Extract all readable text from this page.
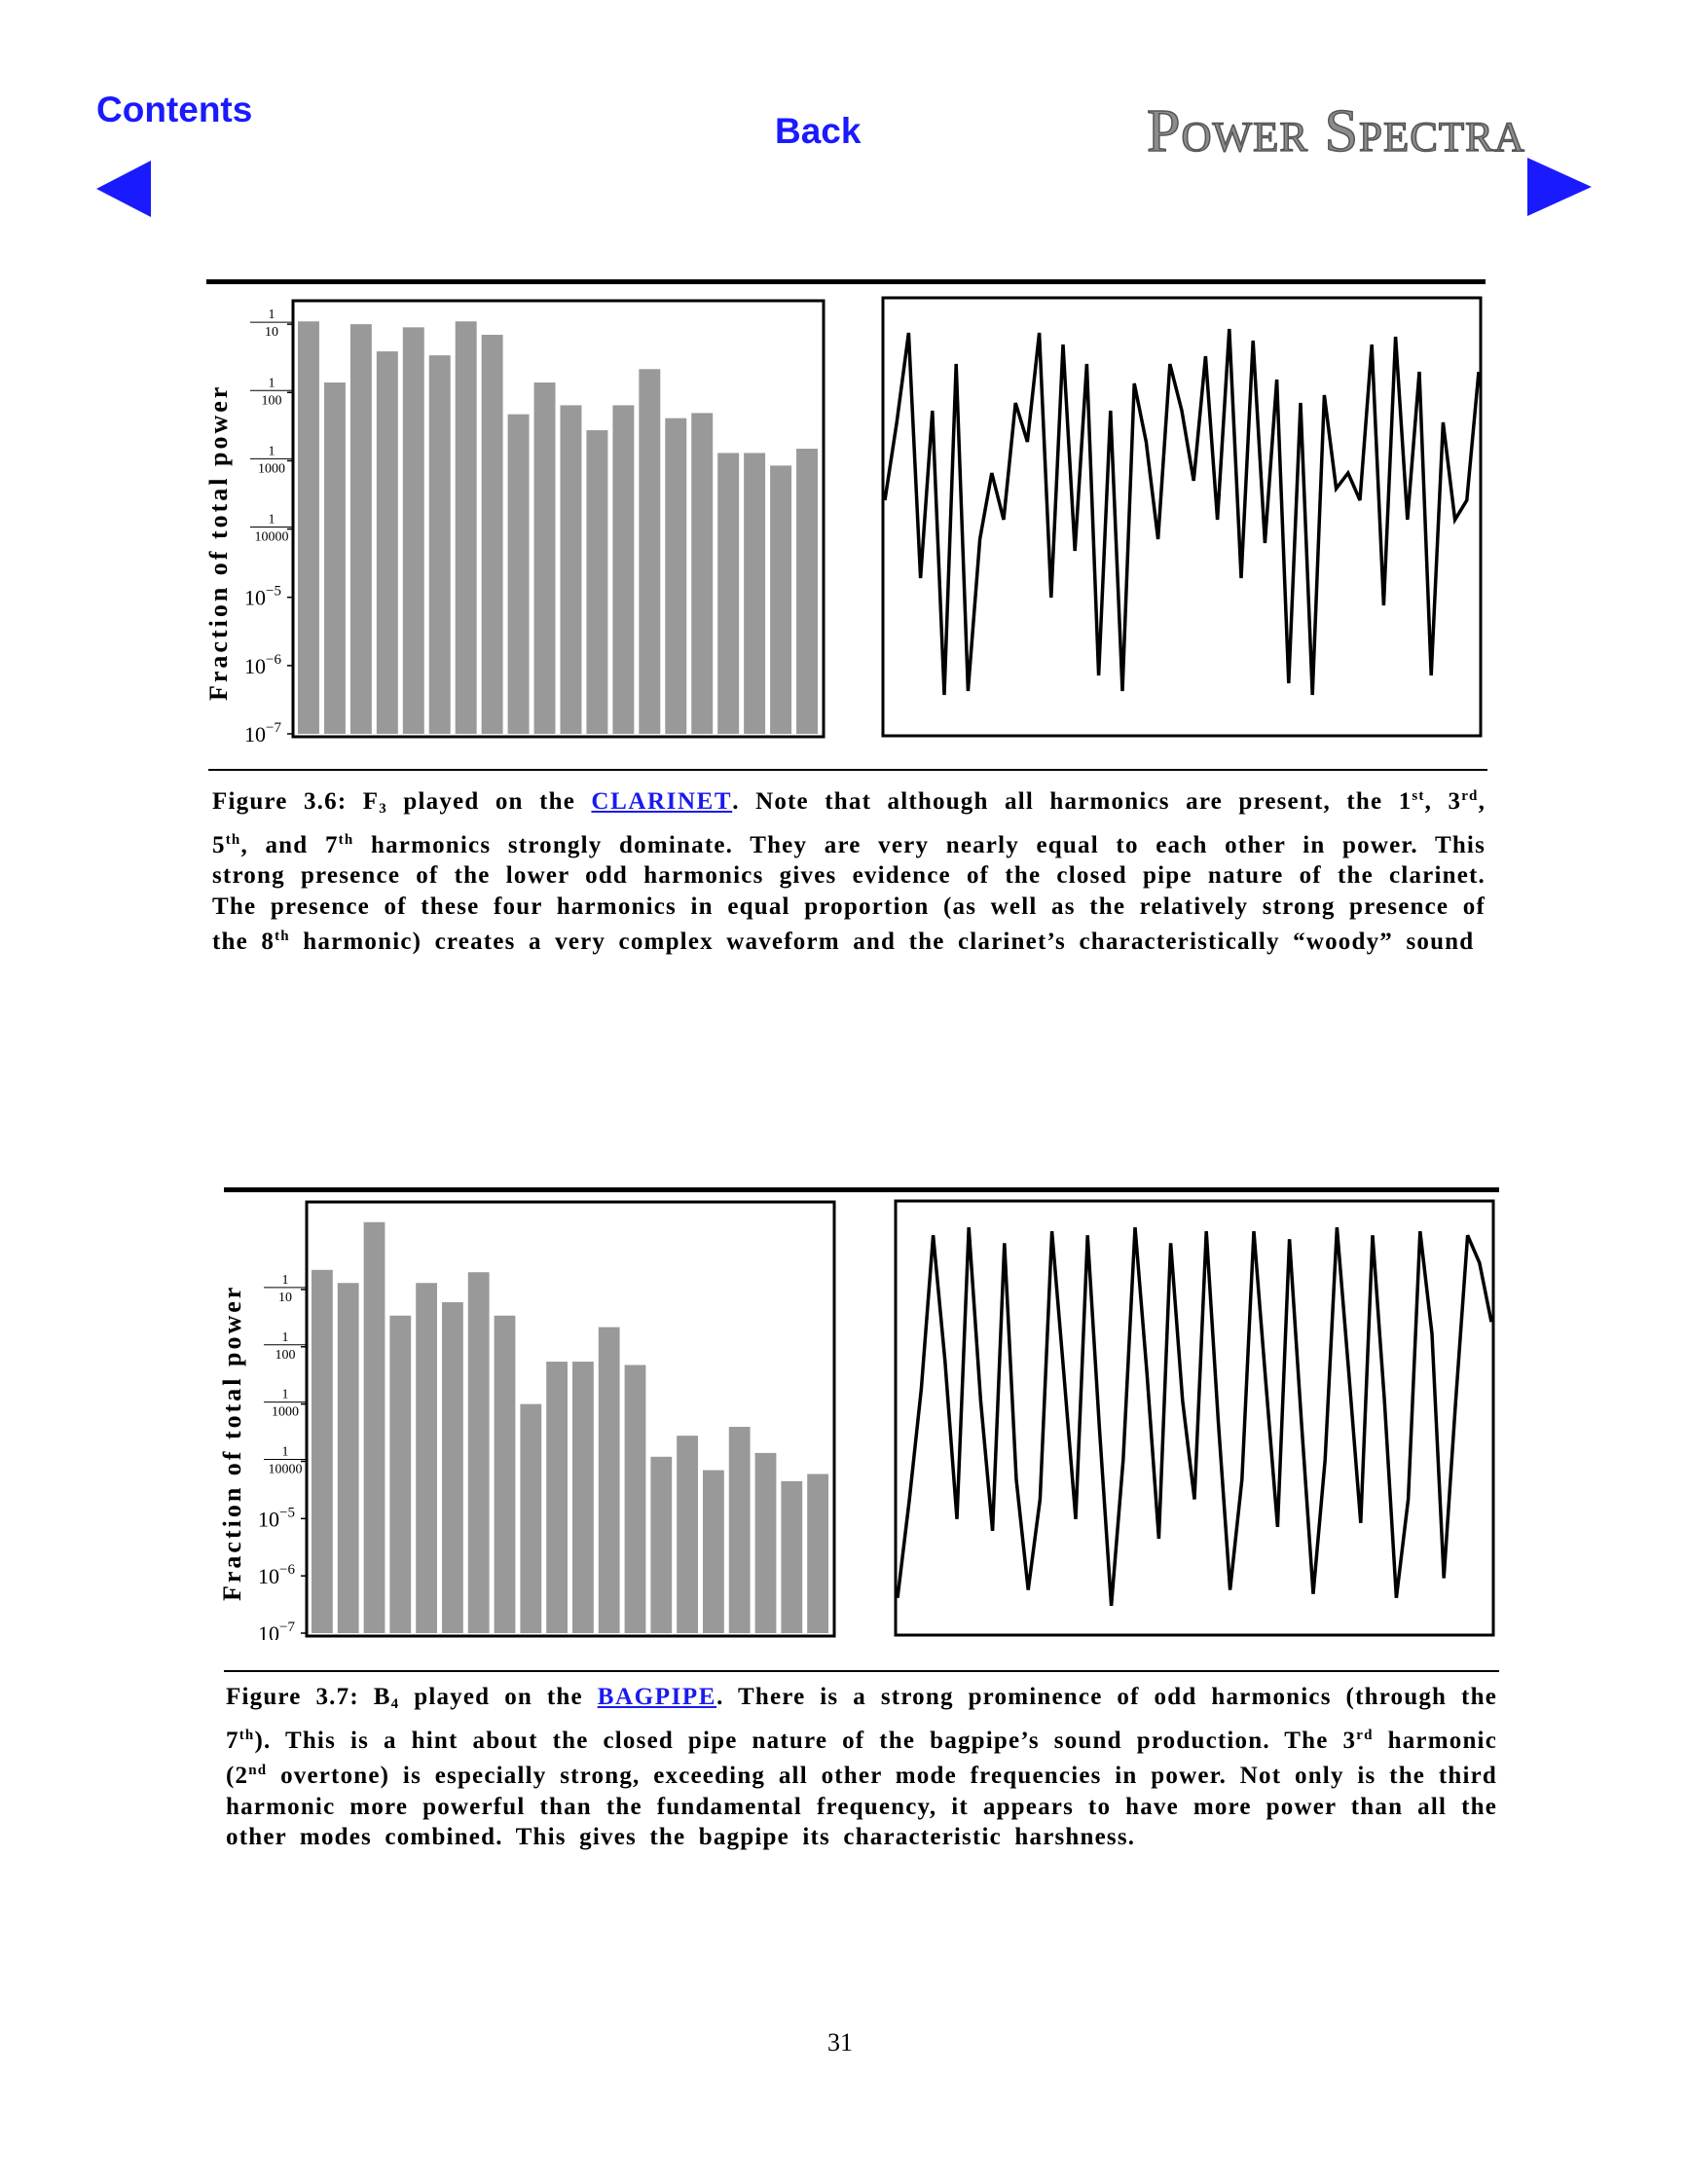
Contents
Back	Power Spectra
Fraction of total power
1
10
1
100
1
1000
1
10000
$10^{-5}$
$10^{-6}$
$10^{-7}$
Figure 3.6: $F_3$ played on the CLARINET. Note that although all harmonics are present, the 1st, 3rd, 5th, and 7th harmonics strongly dominate. They are very nearly equal to each other in power. This strong presence of the lower odd harmonics gives evidence of the closed pipe nature of the clarinet. The presence of these four harmonics in equal proportion (as well as the relatively strong presence of the 8th harmonic) creates a very complex waveform and the clarinet’s characteristically “woody” sound
Fraction of total power
1
10
1
100
1
1000
1
10000
$10^{-5}$
$10^{-6}$
$10^{-7}$
Figure 3.7: $B_4$ played on the BAGPIPE. There is a strong prominence of odd harmonics (through the 7th). This is a hint about the closed pipe nature of the bagpipe’s sound production. The 3rd harmonic (2nd overtone) is especially strong, exceeding all other mode frequencies in power. Not only is the third harmonic more powerful than the fundamental frequency, it appears to have more power than all the other modes combined. This gives the bagpipe its characteristic harshness.
31
